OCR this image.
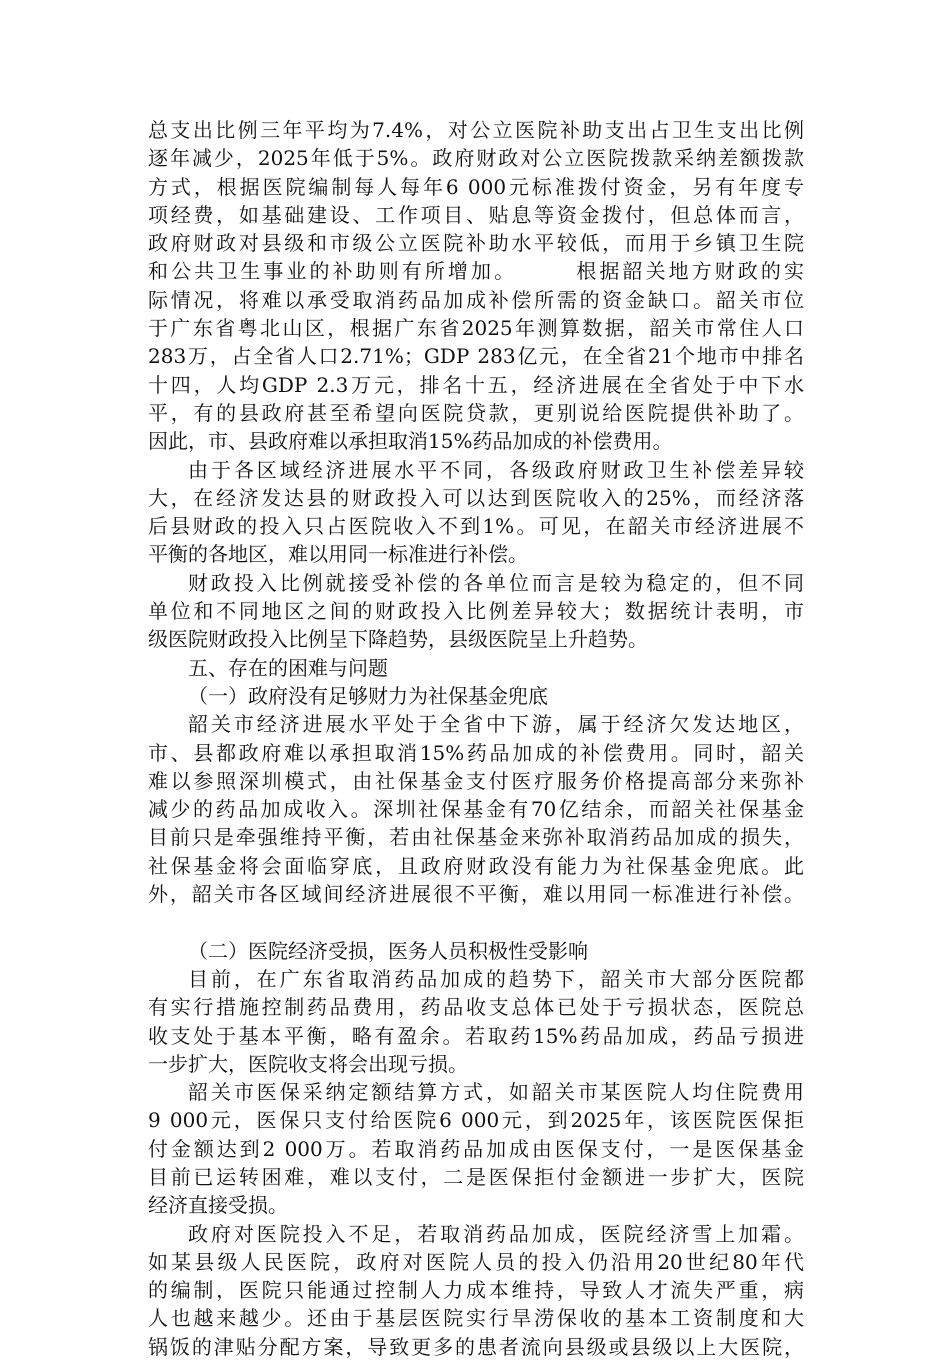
总支出比例三年平均为7.4%，对公立医院补助支出占卫生支出比例
逐年减少，2025年低于5%。政府财政对公立医院拨款采纳差额拨款
方式，根据医院编制每人每年6 000元标准拨付资金，另有年度专
项经费，如基础建设、工作项目、贴息等资金拨付，但总体而言，
政府财政对县级和市级公立医院补助水平较低，而用于乡镇卫生院
和公共卫生事业的补助则有所增加。　　　根据韶关地方财政的实
际情况，将难以承受取消药品加成补偿所需的资金缺口。韶关市位
于广东省粤北山区，根据广东省2025年测算数据，韶关市常住人口
283万，占全省人口2.71%；GDP 283亿元，在全省21个地市中排名
十四，人均GDP 2.3万元，排名十五，经济进展在全省处于中下水
平，有的县政府甚至希望向医院贷款，更别说给医院提供补助了。
因此，市、县政府难以承担取消15%药品加成的补偿费用。
由于各区域经济进展水平不同，各级政府财政卫生补偿差异较
大，在经济发达县的财政投入可以达到医院收入的25%，而经济落
后县财政的投入只占医院收入不到1%。可见，在韶关市经济进展不
平衡的各地区，难以用同一标准进行补偿。
财政投入比例就接受补偿的各单位而言是较为稳定的，但不同
单位和不同地区之间的财政投入比例差异较大；数据统计表明，市
级医院财政投入比例呈下降趋势，县级医院呈上升趋势。
五、存在的困难与问题
（一）政府没有足够财力为社保基金兜底
韶关市经济进展水平处于全省中下游，属于经济欠发达地区，
市、县都政府难以承担取消15%药品加成的补偿费用。同时，韶关
难以参照深圳模式，由社保基金支付医疗服务价格提高部分来弥补
减少的药品加成收入。深圳社保基金有70亿结余，而韶关社保基金
目前只是牵强维持平衡，若由社保基金来弥补取消药品加成的损失，
社保基金将会面临穿底，且政府财政没有能力为社保基金兜底。此
外，韶关市各区域间经济进展很不平衡，难以用同一标准进行补偿。
（二）医院经济受损，医务人员积极性受影响
目前，在广东省取消药品加成的趋势下，韶关市大部分医院都
有实行措施控制药品费用，药品收支总体已处于亏损状态，医院总
收支处于基本平衡，略有盈余。若取药15%药品加成，药品亏损进
一步扩大，医院收支将会出现亏损。
韶关市医保采纳定额结算方式，如韶关市某医院人均住院费用
9 000元，医保只支付给医院6 000元，到2025年，该医院医保拒
付金额达到2 000万。若取消药品加成由医保支付，一是医保基金
目前已运转困难，难以支付，二是医保拒付金额进一步扩大，医院
经济直接受损。
政府对医院投入不足，若取消药品加成，医院经济雪上加霜。
如某县级人民医院，政府对医院人员的投入仍沿用20世纪80年代
的编制，医院只能通过控制人力成本维持，导致人才流失严重，病
人也越来越少。还由于基层医院实行旱涝保收的基本工资制度和大
锅饭的津贴分配方案，导致更多的患者流向县级或县级以上大医院，
